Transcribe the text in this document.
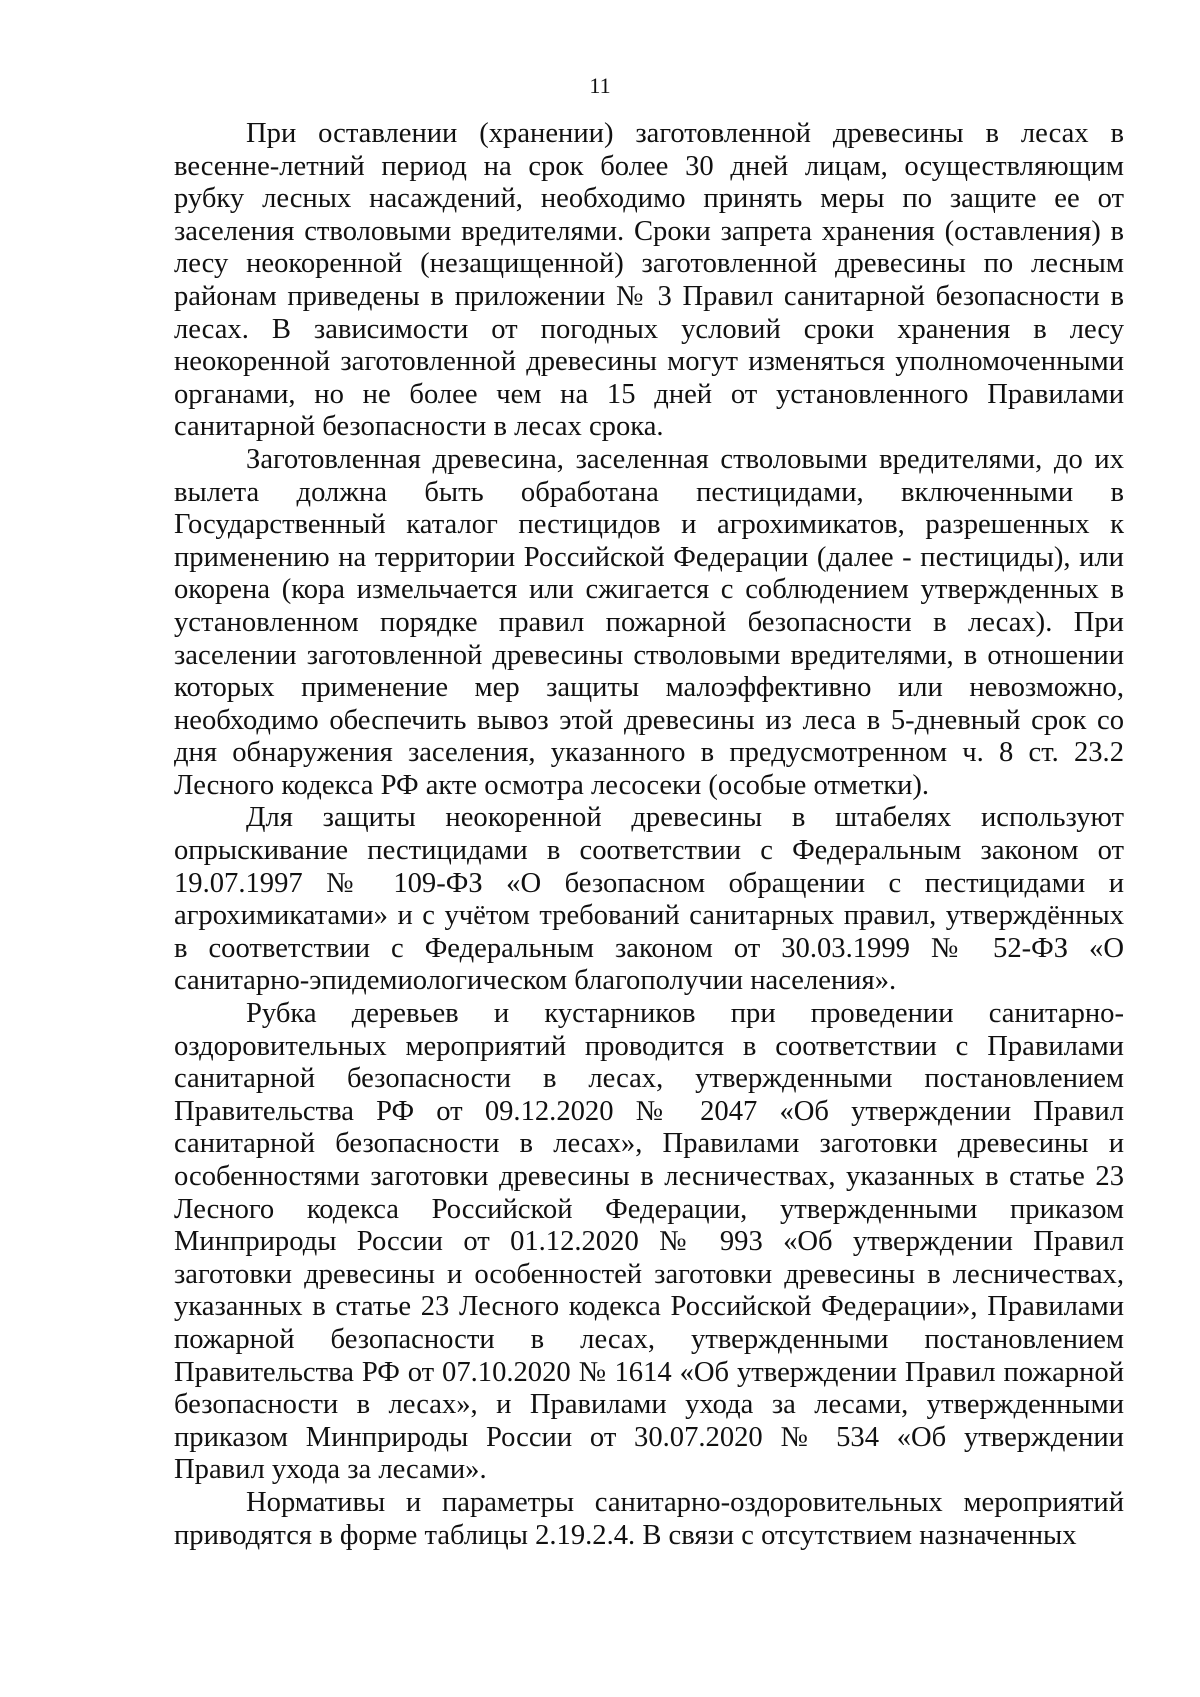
11

При оставлении (хранении) заготовленной древесины в лесах в весенне-летний период на срок более 30 дней лицам, осуществляющим рубку лесных насаждений, необходимо принять меры по защите ее от заселения стволовыми вредителями. Сроки запрета хранения (оставления) в лесу неокоренной (незащищенной) заготовленной древесины по лесным районам приведены в приложении № 3 Правил санитарной безопасности в лесах. В зависимости от погодных условий сроки хранения в лесу неокоренной заготовленной древесины могут изменяться уполномоченными органами, но не более чем на 15 дней от установленного Правилами санитарной безопасности в лесах срока.

Заготовленная древесина, заселенная стволовыми вредителями, до их вылета должна быть обработана пестицидами, включенными в Государственный каталог пестицидов и агрохимикатов, разрешенных к применению на территории Российской Федерации (далее - пестициды), или окорена (кора измельчается или сжигается с соблюдением утвержденных в установленном порядке правил пожарной безопасности в лесах). При заселении заготовленной древесины стволовыми вредителями, в отношении которых применение мер защиты малоэффективно или невозможно, необходимо обеспечить вывоз этой древесины из леса в 5-дневный срок со дня обнаружения заселения, указанного в предусмотренном ч. 8 ст. 23.2 Лесного кодекса РФ акте осмотра лесосеки (особые отметки).

Для защиты неокоренной древесины в штабелях используют опрыскивание пестицидами в соответствии с Федеральным законом от 19.07.1997 № 109-ФЗ «О безопасном обращении с пестицидами и агрохимикатами» и с учётом требований санитарных правил, утверждённых в соответствии с Федеральным законом от 30.03.1999 № 52-ФЗ «О санитарно-эпидемиологическом благополучии населения».

Рубка деревьев и кустарников при проведении санитарно-оздоровительных мероприятий проводится в соответствии с Правилами санитарной безопасности в лесах, утвержденными постановлением Правительства РФ от 09.12.2020 № 2047 «Об утверждении Правил санитарной безопасности в лесах», Правилами заготовки древесины и особенностями заготовки древесины в лесничествах, указанных в статье 23 Лесного кодекса Российской Федерации, утвержденными приказом Минприроды России от 01.12.2020 № 993 «Об утверждении Правил заготовки древесины и особенностей заготовки древесины в лесничествах, указанных в статье 23 Лесного кодекса Российской Федерации», Правилами пожарной безопасности в лесах, утвержденными постановлением Правительства РФ от 07.10.2020 № 1614 «Об утверждении Правил пожарной безопасности в лесах», и Правилами ухода за лесами, утвержденными приказом Минприроды России от 30.07.2020 № 534 «Об утверждении Правил ухода за лесами».

Нормативы и параметры санитарно-оздоровительных мероприятий приводятся в форме таблицы 2.19.2.4. В связи с отсутствием назначенных
